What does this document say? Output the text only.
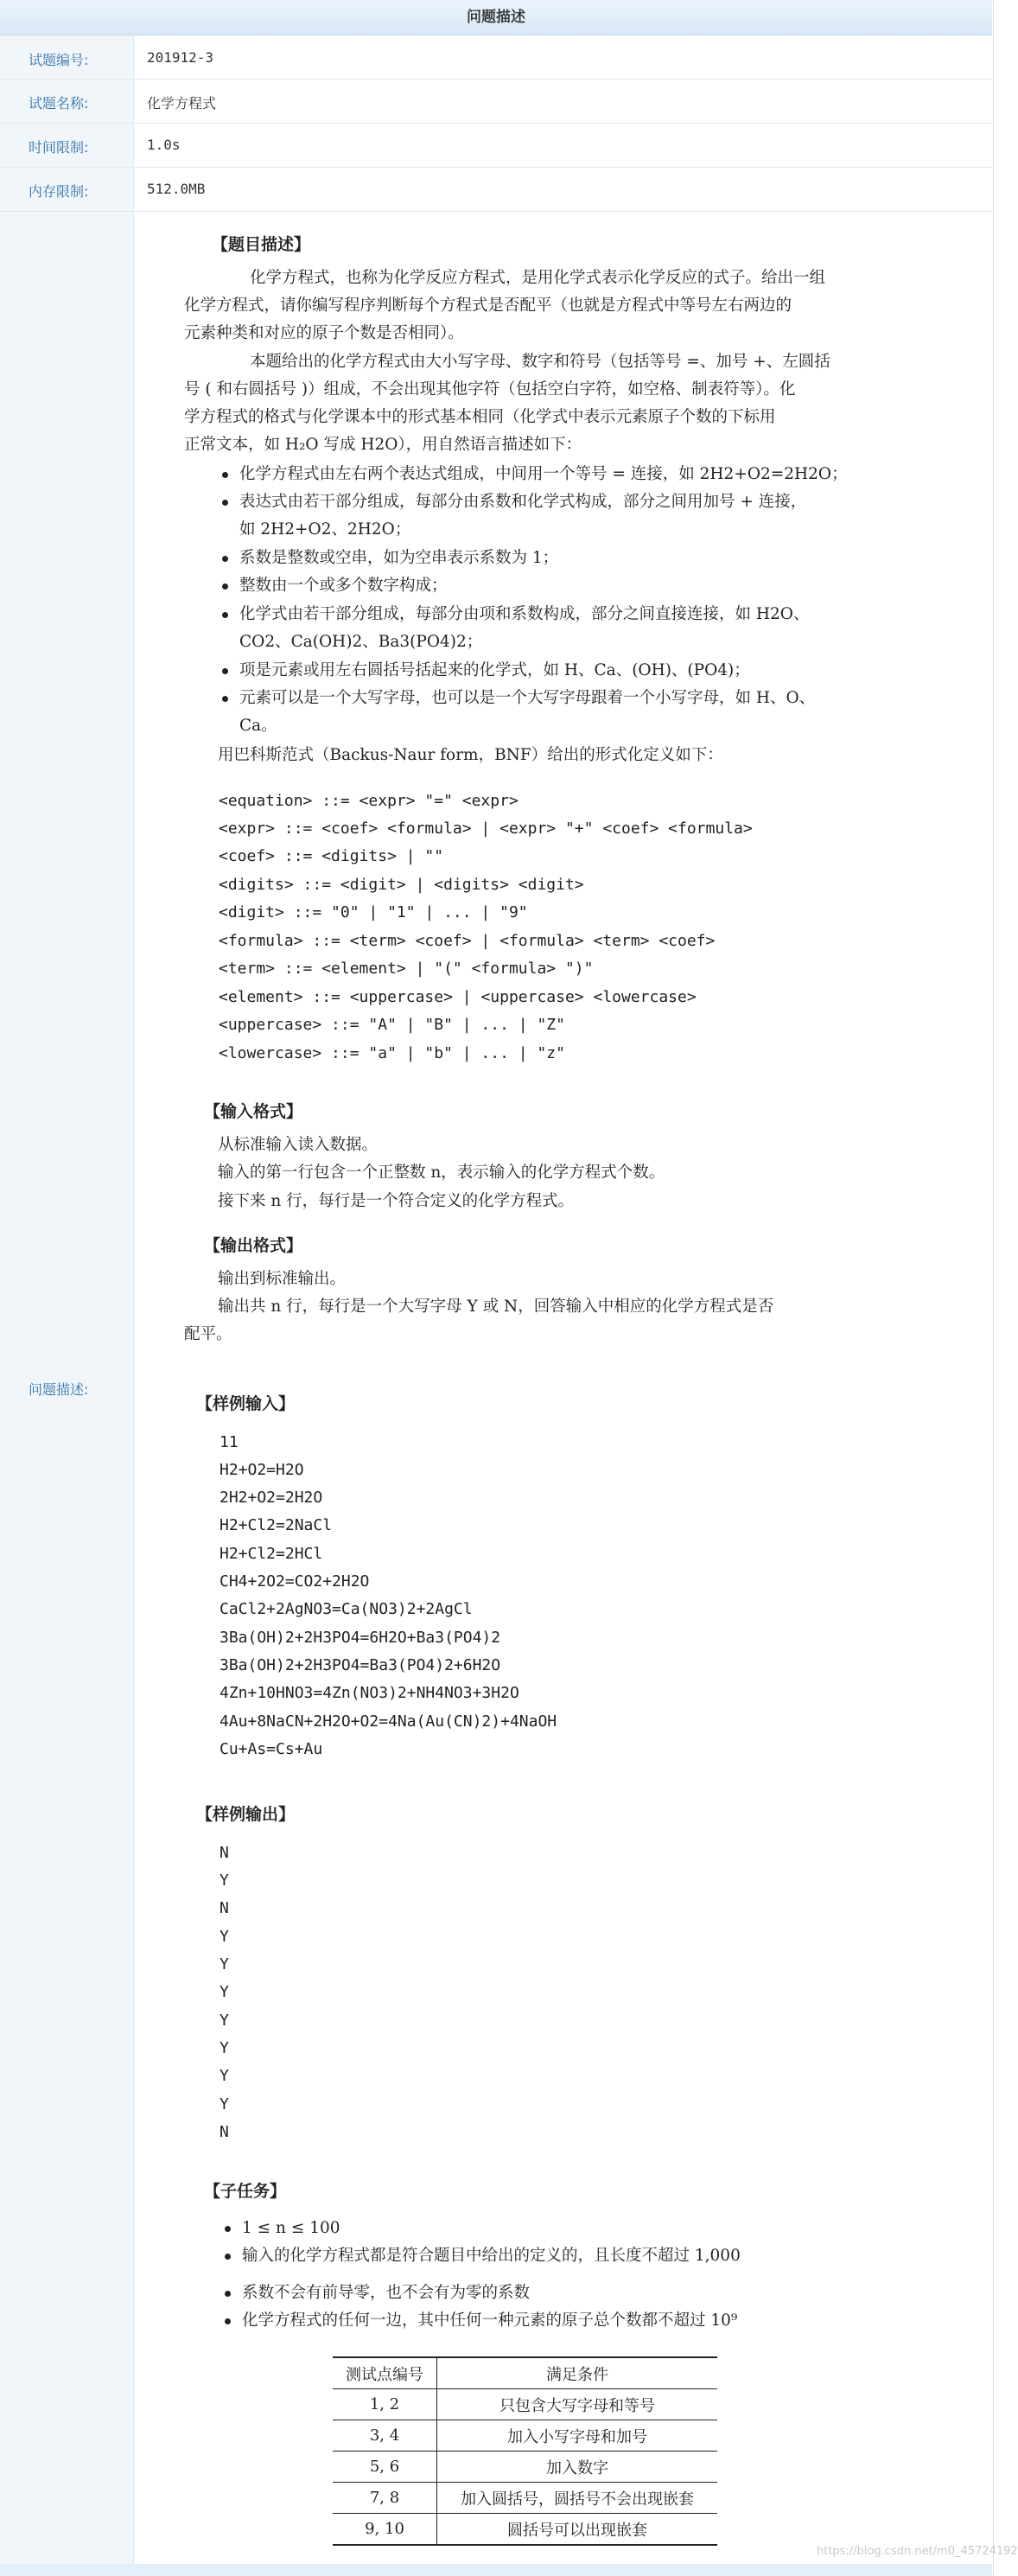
问题描述
试题编号:	201912-3
试题名称:	化学方程式
时间限制:	1.0s
内存限制:	512.0MB
问题描述:
【题目描述】
　　化学方程式，也称为化学反应方程式，是用化学式表示化学反应的式子。给出一组
化学方程式，请你编写程序判断每个方程式是否配平（也就是方程式中等号左右两边的
元素种类和对应的原子个数是否相同）。
　　本题给出的化学方程式由大小写字母、数字和符号（包括等号 =、加号 +、左圆括
号 ( 和右圆括号 )）组成，不会出现其他字符（包括空白字符，如空格、制表符等）。化
学方程式的格式与化学课本中的形式基本相同（化学式中表示元素原子个数的下标用
正常文本，如 H₂O 写成 H2O），用自然语言描述如下：
化学方程式由左右两个表达式组成，中间用一个等号 = 连接，如 2H2+O2=2H2O；
表达式由若干部分组成，每部分由系数和化学式构成，部分之间用加号 + 连接，
如 2H2+O2、2H2O；
系数是整数或空串，如为空串表示系数为 1；
整数由一个或多个数字构成；
化学式由若干部分组成，每部分由项和系数构成，部分之间直接连接，如 H2O、
CO2、Ca(OH)2、Ba3(PO4)2；
项是元素或用左右圆括号括起来的化学式，如 H、Ca、(OH)、(PO4)；
元素可以是一个大写字母，也可以是一个大写字母跟着一个小写字母，如 H、O、
Ca。
用巴科斯范式（Backus-Naur form，BNF）给出的形式化定义如下：
<equation> ::= <expr> "=" <expr>
<expr> ::= <coef> <formula> | <expr> "+" <coef> <formula>
<coef> ::= <digits> | ""
<digits> ::= <digit> | <digits> <digit>
<digit> ::= "0" | "1" | ... | "9"
<formula> ::= <term> <coef> | <formula> <term> <coef>
<term> ::= <element> | "(" <formula> ")"
<element> ::= <uppercase> | <uppercase> <lowercase>
<uppercase> ::= "A" | "B" | ... | "Z"
<lowercase> ::= "a" | "b" | ... | "z"
【输入格式】
从标准输入读入数据。
输入的第一行包含一个正整数 n，表示输入的化学方程式个数。
接下来 n 行，每行是一个符合定义的化学方程式。
【输出格式】
输出到标准输出。
输出共 n 行，每行是一个大写字母 Y 或 N，回答输入中相应的化学方程式是否
配平。
【样例输入】
11
H2+O2=H2O
2H2+O2=2H2O
H2+Cl2=2NaCl
H2+Cl2=2HCl
CH4+2O2=CO2+2H2O
CaCl2+2AgNO3=Ca(NO3)2+2AgCl
3Ba(OH)2+2H3PO4=6H2O+Ba3(PO4)2
3Ba(OH)2+2H3PO4=Ba3(PO4)2+6H2O
4Zn+10HNO3=4Zn(NO3)2+NH4NO3+3H2O
4Au+8NaCN+2H2O+O2=4Na(Au(CN)2)+4NaOH
Cu+As=Cs+Au
【样例输出】
N
Y
N
Y
Y
Y
Y
Y
Y
Y
N
【子任务】
1 ≤ n ≤ 100
输入的化学方程式都是符合题目中给出的定义的，且长度不超过 1,000
系数不会有前导零，也不会有为零的系数
化学方程式的任何一边，其中任何一种元素的原子总个数都不超过 10⁹
测试点编号	满足条件
1, 2	只包含大写字母和等号
3, 4	加入小写字母和加号
5, 6	加入数字
7, 8	加入圆括号，圆括号不会出现嵌套
9, 10	圆括号可以出现嵌套
https://blog.csdn.net/m0_45724192
